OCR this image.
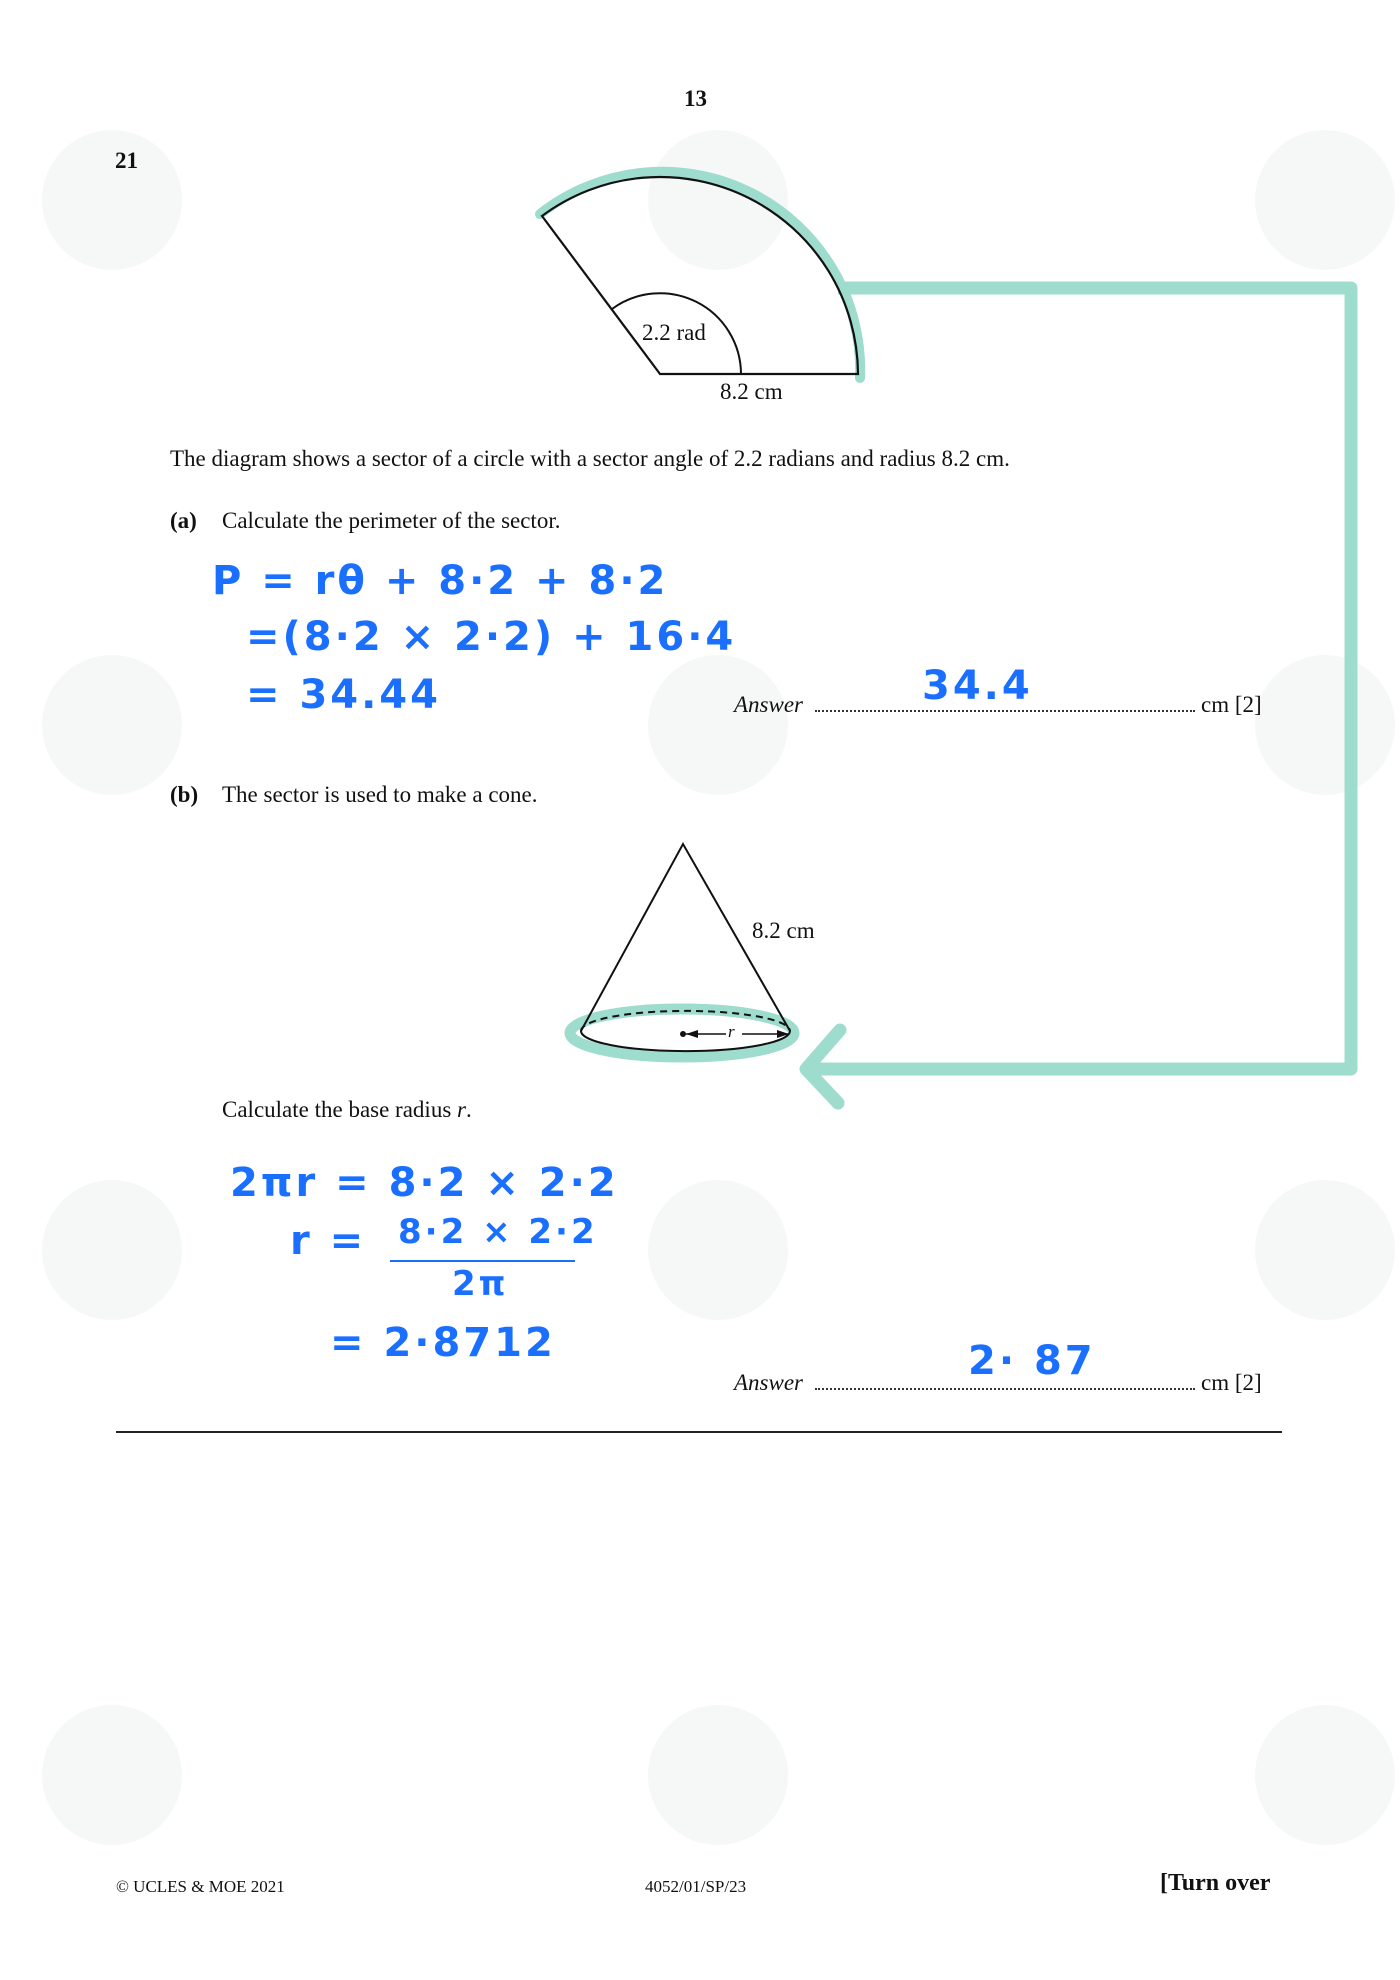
13
21
2.2 rad
8.2 cm
The diagram shows a sector of a circle with a sector angle of 2.2 radians and radius 8.2 cm.
(a) Calculate the perimeter of the sector.
P = rθ + 8·2 + 8·2
=(8·2 × 2·2) + 16·4
= 34.44	Answer	cm [2]
34.4
(b) The sector is used to make a cone.
8.2 cm
r
Calculate the base radius r.
2πr = 8·2 × 2·2
r = 8·2 × 2·2
2π
= 2·8712
Answer	cm [2]
2· 87
© UCLES & MOE 2021	4052/01/SP/23	[Turn over
